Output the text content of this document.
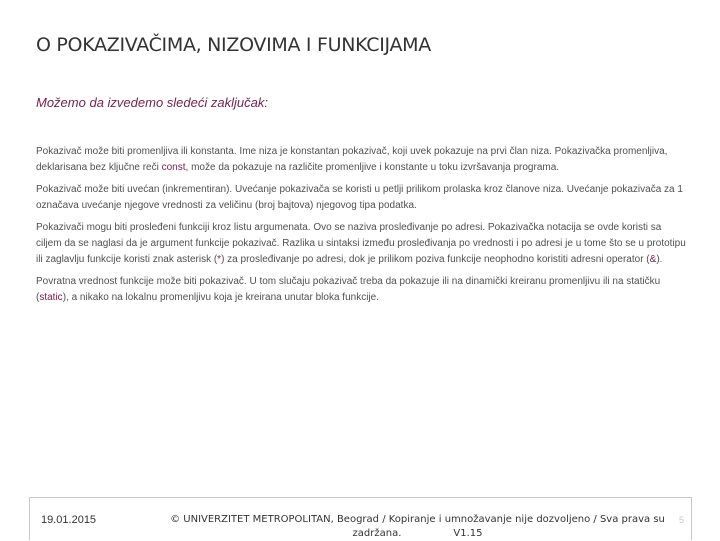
O POKAZIVAČIMA, NIZOVIMA I FUNKCIJAMA
Možemo da izvedemo sledeći zaključak:

Pokazivač može biti promenljiva ili konstanta. Ime niza je konstantan pokazivač, koji uvek pokazuje na prvi član niza. Pokazivačka promenljiva, deklarisana bez ključne reči const, može da pokazuje na različite promenljive i konstante u toku izvršavanja programa.

Pokazivač može biti uvećan (inkrementiran). Uvećanje pokazivača se koristi u petlji prilikom prolaska kroz članove niza. Uvećanje pokazivača za 1 označava uvećanje njegove vrednosti za veličinu (broj bajtova) njegovog tipa podatka.

Pokazivači mogu biti prosleđeni funkciji kroz listu argumenata. Ovo se naziva prosleđivanje po adresi. Pokazivačka notacija se ovde koristi sa ciljem da se naglasi da je argument funkcije pokazivač. Razlika u sintaksi između prosleđivanja po vrednosti i po adresi je u tome što se u prototipu ili zaglavlju funkcije koristi znak asterisk (*) za prosleđivanje po adresi, dok je prilikom poziva funkcije neophodno koristiti adresni operator (&).

Povratna vrednost funkcije može biti pokazivač. U tom slučaju pokazivač treba da pokazuje ili na dinamički kreiranu promenljivu ili na statičku (static), a nikako na lokalnu promenljivu koja je kreirana unutar bloka funkcije.

19.01.2015	© UNIVERZITET METROPOLITAN, Beograd / Kopiranje i umnožavanje nije dozvoljeno / Sva prava su
zadržana.	V1.15
5
